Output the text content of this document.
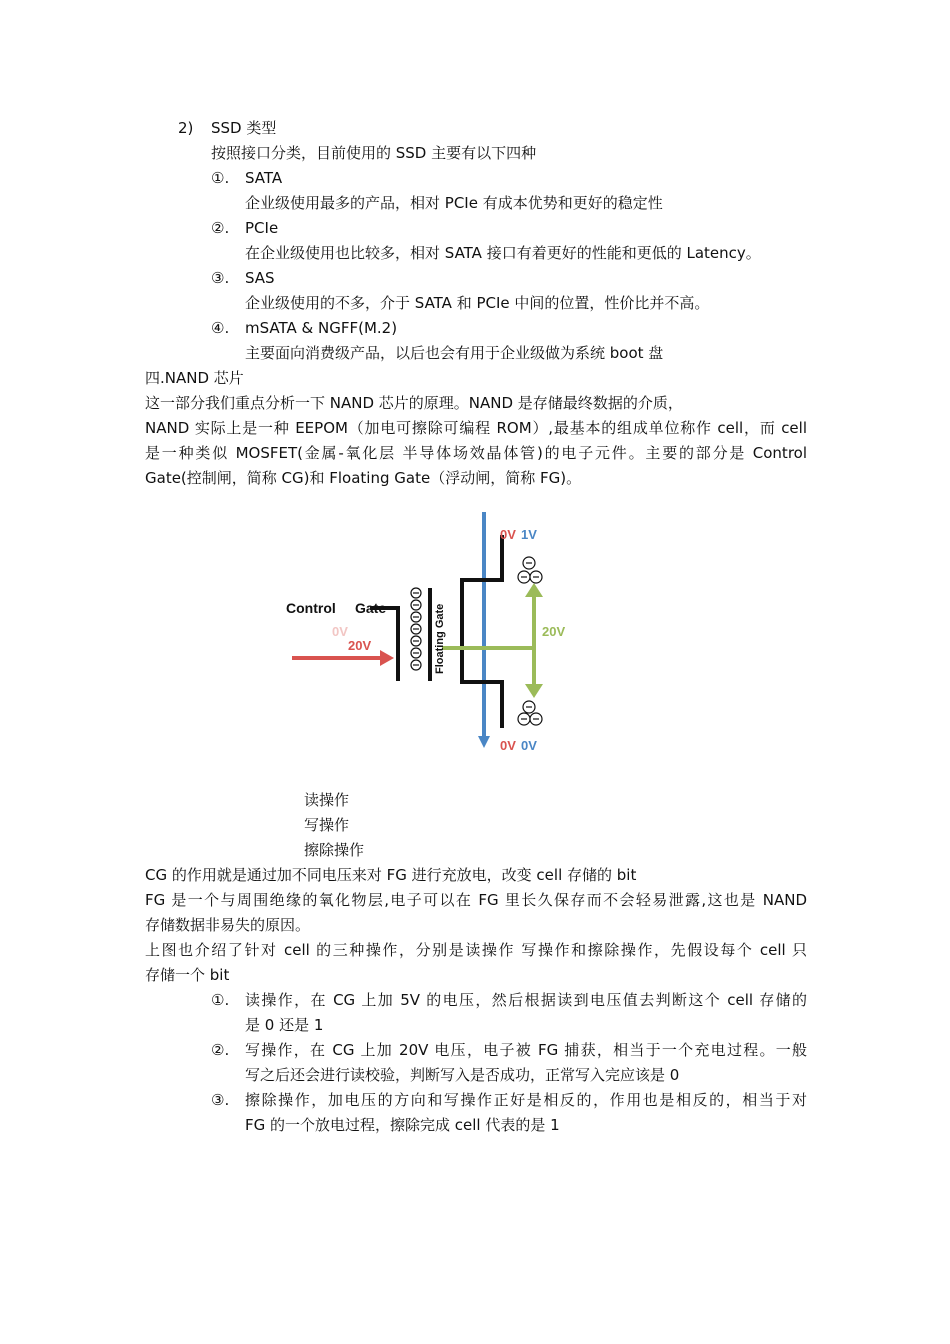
2) SSD 类型
按照接口分类，目前使用的 SSD 主要有以下四种
①. SATA
企业级使用最多的产品，相对 PCIe 有成本优势和更好的稳定性
②. PCIe
在企业级使用也比较多，相对 SATA 接口有着更好的性能和更低的 Latency。
③. SAS
企业级使用的不多，介于 SATA 和 PCIe 中间的位置，性价比并不高。
④. mSATA & NGFF(M.2)
主要面向消费级产品，以后也会有用于企业级做为系统 boot 盘
四.NAND 芯片
这一部分我们重点分析一下 NAND 芯片的原理。NAND 是存储最终数据的介质，
NAND 实际上是一种 EEPOM（加电可擦除可编程 ROM）,最基本的组成单位称作 cell，而 cell
是一种类似 MOSFET(金属-氧化层 半导体场效晶体管)的电子元件。主要的部分是 Control
Gate(控制闸，简称 CG)和 Floating Gate（浮动闸，简称 FG)。
Control Gate	Floating Gate
0V
20V
0V 1V
20V
0V 0V
读操作
写操作
擦除操作
CG 的作用就是通过加不同电压来对 FG 进行充放电，改变 cell 存储的 bit
FG 是一个与周围绝缘的氧化物层,电子可以在 FG 里长久保存而不会轻易泄露,这也是 NAND
存储数据非易失的原因。
上图也介绍了针对 cell 的三种操作，分别是读操作 写操作和擦除操作，先假设每个 cell 只
存储一个 bit
①. 读操作，在 CG 上加 5V 的电压，然后根据读到电压值去判断这个 cell 存储的
是 0 还是 1
②. 写操作，在 CG 上加 20V 电压，电子被 FG 捕获，相当于一个充电过程。一般
写之后还会进行读校验，判断写入是否成功，正常写入完应该是 0
③. 擦除操作，加电压的方向和写操作正好是相反的，作用也是相反的，相当于对
FG 的一个放电过程，擦除完成 cell 代表的是 1
